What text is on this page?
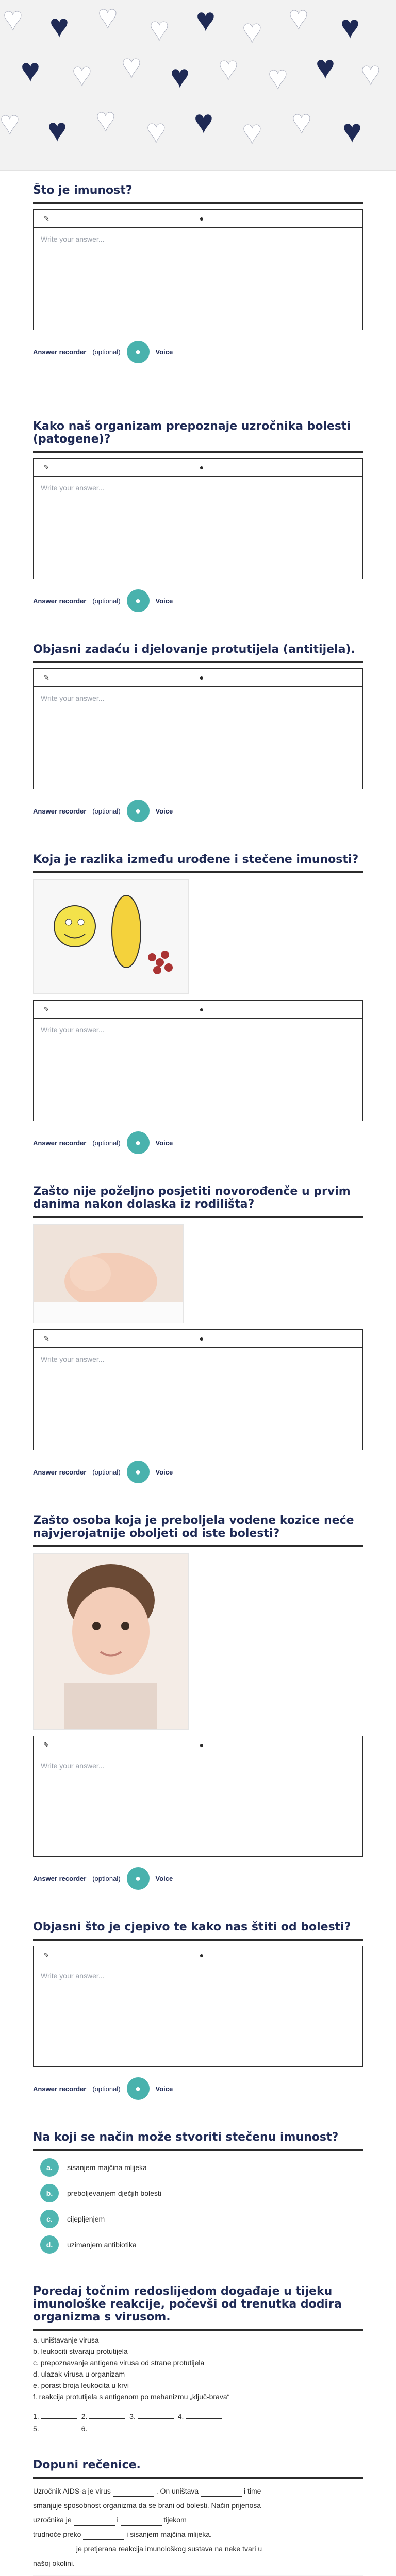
♥ ♥ ♥ ♥ ♥ ♥ ♥ ♥
♥ ♥ ♥ ♥ ♥ ♥ ♥ ♥
♥ ♥ ♥ ♥ ♥ ♥ ♥ ♥
Što je imunost?
✎	●
Write your answer...
Answer recorder (optional) ● Voice
Kako naš organizam prepoznaje uzročnika bolesti (patogene)?
✎	●
Write your answer...
Answer recorder (optional) ● Voice
Objasni zadaću i djelovanje protutijela (antitijela).
✎	●
Write your answer...
Answer recorder (optional) ● Voice
Koja je razlika između urođene i stečene imunosti?
✎	●
Write your answer...
Answer recorder (optional) ● Voice
Zašto nije poželjno posjetiti novorođenče u prvim danima nakon dolaska iz rodilišta?
✎	●
Write your answer...
Answer recorder (optional) ● Voice
Zašto osoba koja je preboljela vodene kozice neće najvjerojatnije oboljeti od iste bolesti?
✎	●
Write your answer...
Answer recorder (optional) ● Voice
Objasni što je cjepivo te kako nas štiti od bolesti?
✎	●
Write your answer...
Answer recorder (optional) ● Voice
Na koji se način može stvoriti stečenu imunost?
a.	sisanjem majčina mlijeka
b.	preboljevanjem dječjih bolesti
c.	cijepljenjem
d.	uzimanjem antibiotika
Poredaj točnim redoslijedom događaje u tijeku imunološke reakcije, počevši od trenutka dodira organizma s virusom.

a. uništavanje virusa

b. leukociti stvaraju protutijela

c. prepoznavanje antigena virusa od strane protutijela

d. ulazak virusa u organizam

e. porast broja leukocita u krvi

f. reakcija protutijela s antigenom po mehanizmu „ključ-brava“

1.	2.	3.	4.
5.	6.
Dopuni rečenice.
Uzročnik AIDS-a je virus	. On uništava	i time
smanjuje sposobnost organizma da se brani od bolesti. Način prijenosa
uzročnika je	i	tijekom
trudnoće preko	i sisanjem majčina mlijeka.
je pretjerana reakcija imunološkog sustava na neke tvari u
našoj okolini.
